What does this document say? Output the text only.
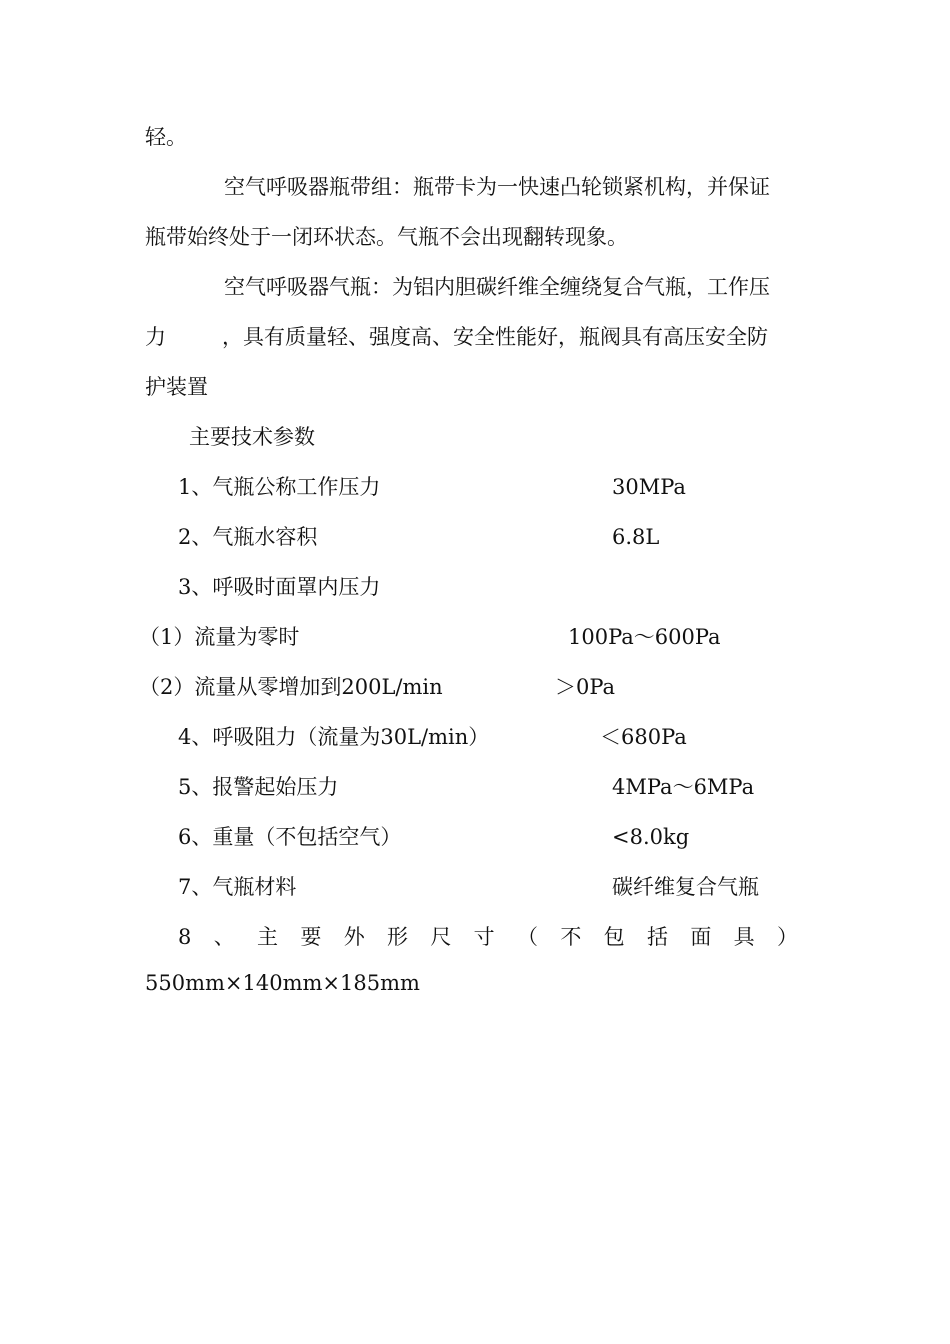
轻。
空气呼吸器瓶带组：瓶带卡为一快速凸轮锁紧机构，并保证
瓶带始终处于一闭环状态。气瓶不会出现翻转现象。
空气呼吸器气瓶：为铝内胆碳纤维全缠绕复合气瓶，工作压
力	，具有质量轻、强度高、安全性能好，瓶阀具有高压安全防
护装置
主要技术参数
1、气瓶公称工作压力	30MPa
2、气瓶水容积	6.8L
3、呼吸时面罩内压力
（1）流量为零时	100Pa～600Pa
（2）流量从零增加到200L/min	＞0Pa
4、呼吸阻力（流量为30L/min）	＜680Pa
5、报警起始压力	4MPa～6MPa
6、重量（不包括空气）	<8.0kg
7、气瓶材料	碳纤维复合气瓶
8 、 主 要 外 形 尺 寸 （ 不 包 括 面 具 ）
550mm×140mm×185mm
